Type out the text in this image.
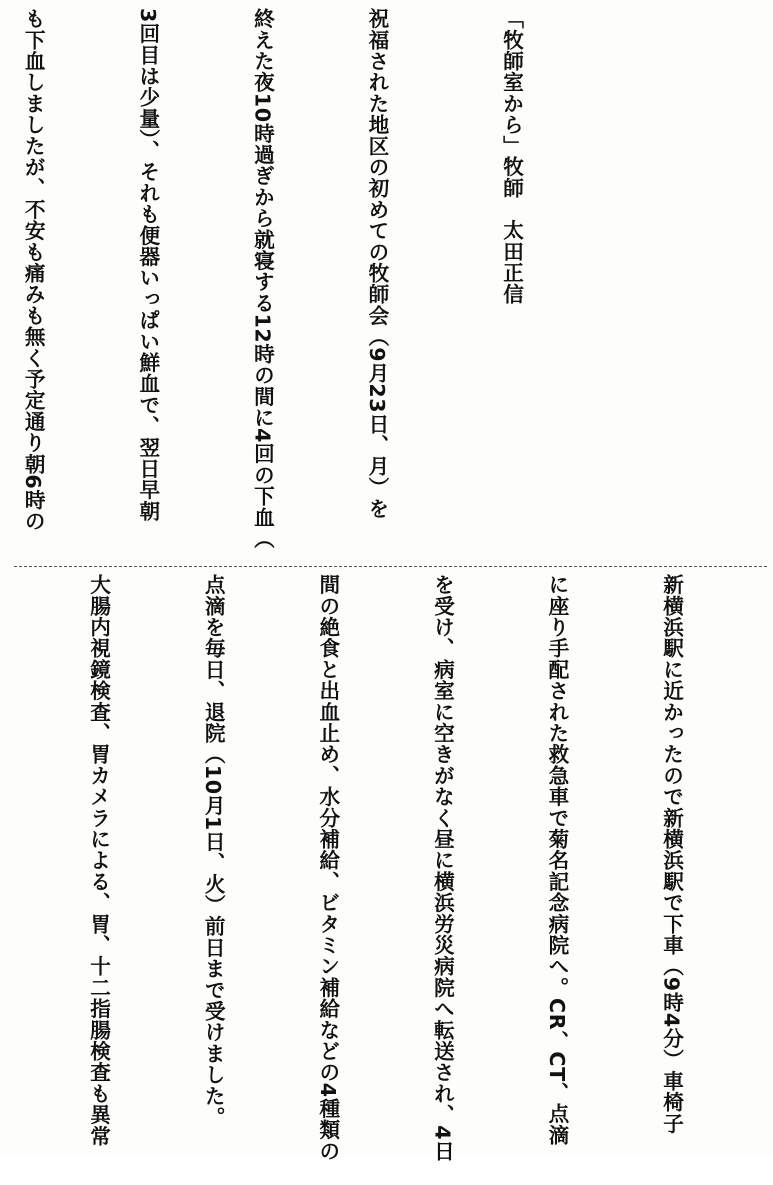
「牧師室から」牧師　太田正信

祝福された地区の初めての牧師会（9月23日、月）を

終えた夜10時過ぎから就寝する12時の間に4回の下血（

3回目は少量）、それも便器いっぱい鮮血で、翌日早朝

も下血しましたが、不安も痛みも無く予定通り朝6時の

新横浜駅に近かったので新横浜駅で下車（9時4分）車椅子

に座り手配された救急車で菊名記念病院へ。CR、CT、点滴

を受け、病室に空きがなく昼に横浜労災病院へ転送され、4日

間の絶食と出血止め、水分補給、ビタミン補給などの4種類の

点滴を毎日、退院（10月1日、火）前日まで受けました。

大腸内視鏡検査、胃カメラによる、胃、十二指腸検査も異常
